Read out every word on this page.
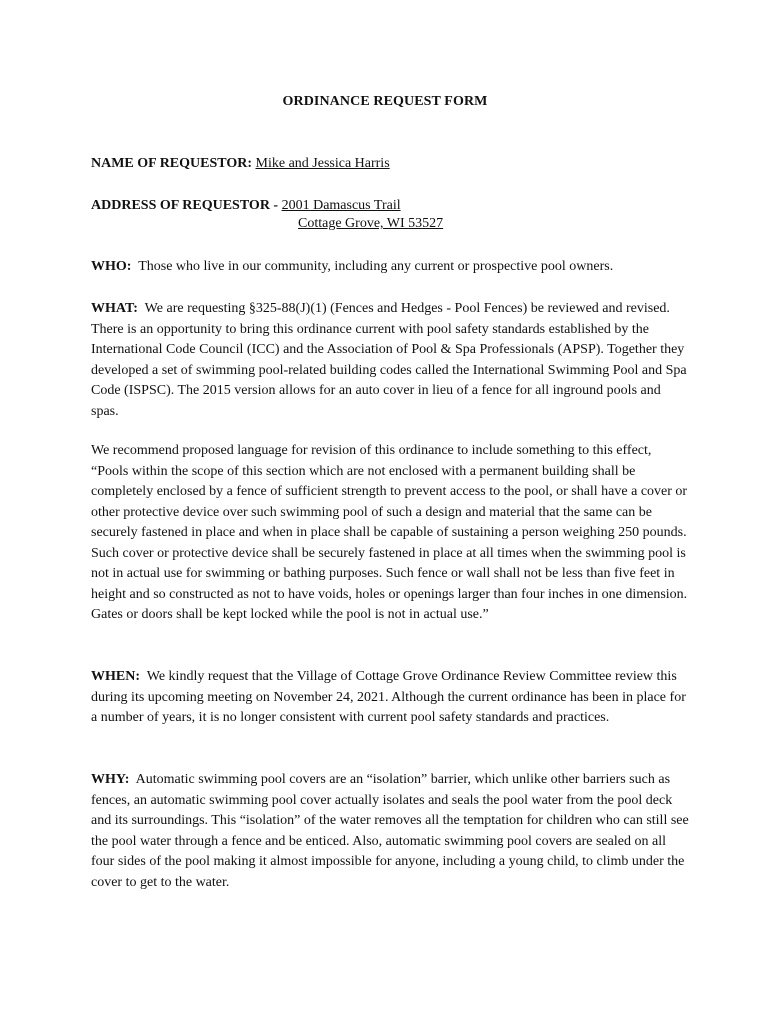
ORDINANCE REQUEST FORM

NAME OF REQUESTOR: Mike and Jessica Harris

ADDRESS OF REQUESTOR - 2001 Damascus Trail

Cottage Grove, WI 53527

WHO: Those who live in our community, including any current or prospective pool owners.

WHAT: We are requesting §325-88(J)(1) (Fences and Hedges - Pool Fences) be reviewed and revised. There is an opportunity to bring this ordinance current with pool safety standards established by the International Code Council (ICC) and the Association of Pool & Spa Professionals (APSP). Together they developed a set of swimming pool-related building codes called the International Swimming Pool and Spa Code (ISPSC). The 2015 version allows for an auto cover in lieu of a fence for all inground pools and spas.

We recommend proposed language for revision of this ordinance to include something to this effect, “Pools within the scope of this section which are not enclosed with a permanent building shall be completely enclosed by a fence of sufficient strength to prevent access to the pool, or shall have a cover or other protective device over such swimming pool of such a design and material that the same can be securely fastened in place and when in place shall be capable of sustaining a person weighing 250 pounds. Such cover or protective device shall be securely fastened in place at all times when the swimming pool is not in actual use for swimming or bathing purposes. Such fence or wall shall not be less than five feet in height and so constructed as not to have voids, holes or openings larger than four inches in one dimension. Gates or doors shall be kept locked while the pool is not in actual use.”

WHEN: We kindly request that the Village of Cottage Grove Ordinance Review Committee review this during its upcoming meeting on November 24, 2021. Although the current ordinance has been in place for a number of years, it is no longer consistent with current pool safety standards and practices.

WHY: Automatic swimming pool covers are an “isolation” barrier, which unlike other barriers such as fences, an automatic swimming pool cover actually isolates and seals the pool water from the pool deck and its surroundings. This “isolation” of the water removes all the temptation for children who can still see the pool water through a fence and be enticed. Also, automatic swimming pool covers are sealed on all four sides of the pool making it almost impossible for anyone, including a young child, to climb under the cover to get to the water.
